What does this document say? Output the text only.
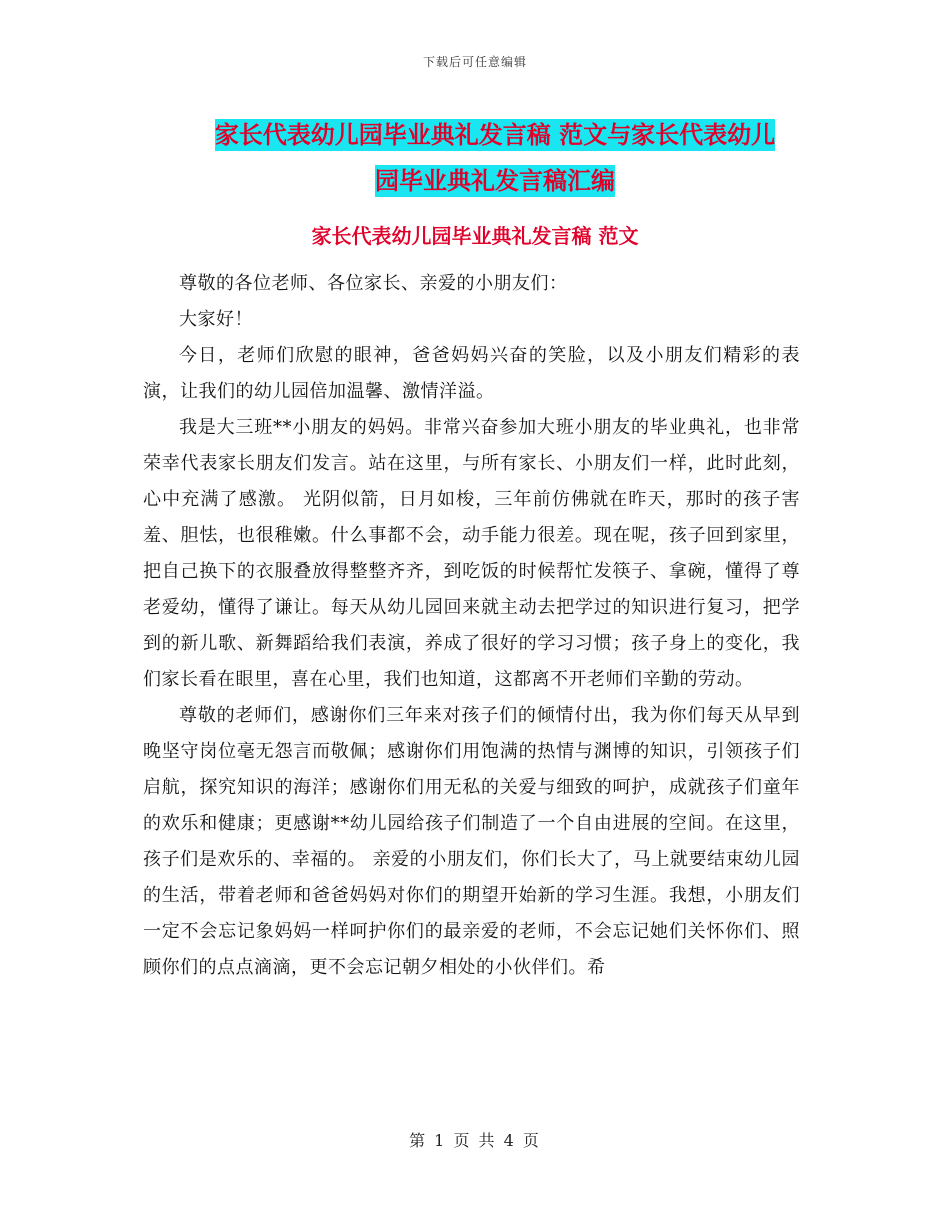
下载后可任意编辑
家长代表幼儿园毕业典礼发言稿 范文与家长代表幼儿
园毕业典礼发言稿汇编
家长代表幼儿园毕业典礼发言稿 范文

尊敬的各位老师、各位家长、亲爱的小朋友们：

大家好！

今日，老师们欣慰的眼神，爸爸妈妈兴奋的笑脸，以及小朋友们精彩的表演，让我们的幼儿园倍加温馨、激情洋溢。

我是大三班**小朋友的妈妈。非常兴奋参加大班小朋友的毕业典礼，也非常荣幸代表家长朋友们发言。站在这里，与所有家长、小朋友们一样，此时此刻，心中充满了感激。 光阴似箭，日月如梭，三年前仿佛就在昨天，那时的孩子害羞、胆怯，也很稚嫩。什么事都不会，动手能力很差。现在呢，孩子回到家里，把自己换下的衣服叠放得整整齐齐，到吃饭的时候帮忙发筷子、拿碗，懂得了尊老爱幼，懂得了谦让。每天从幼儿园回来就主动去把学过的知识进行复习，把学到的新儿歌、新舞蹈给我们表演，养成了很好的学习习惯；孩子身上的变化，我们家长看在眼里，喜在心里，我们也知道，这都离不开老师们辛勤的劳动。

尊敬的老师们，感谢你们三年来对孩子们的倾情付出，我为你们每天从早到晚坚守岗位毫无怨言而敬佩；感谢你们用饱满的热情与渊博的知识，引领孩子们启航，探究知识的海洋；感谢你们用无私的关爱与细致的呵护，成就孩子们童年的欢乐和健康；更感谢**幼儿园给孩子们制造了一个自由进展的空间。在这里，孩子们是欢乐的、幸福的。 亲爱的小朋友们，你们长大了，马上就要结束幼儿园的生活，带着老师和爸爸妈妈对你们的期望开始新的学习生涯。我想，小朋友们一定不会忘记象妈妈一样呵护你们的最亲爱的老师，不会忘记她们关怀你们、照顾你们的点点滴滴，更不会忘记朝夕相处的小伙伴们。希

第 1 页 共 4 页
